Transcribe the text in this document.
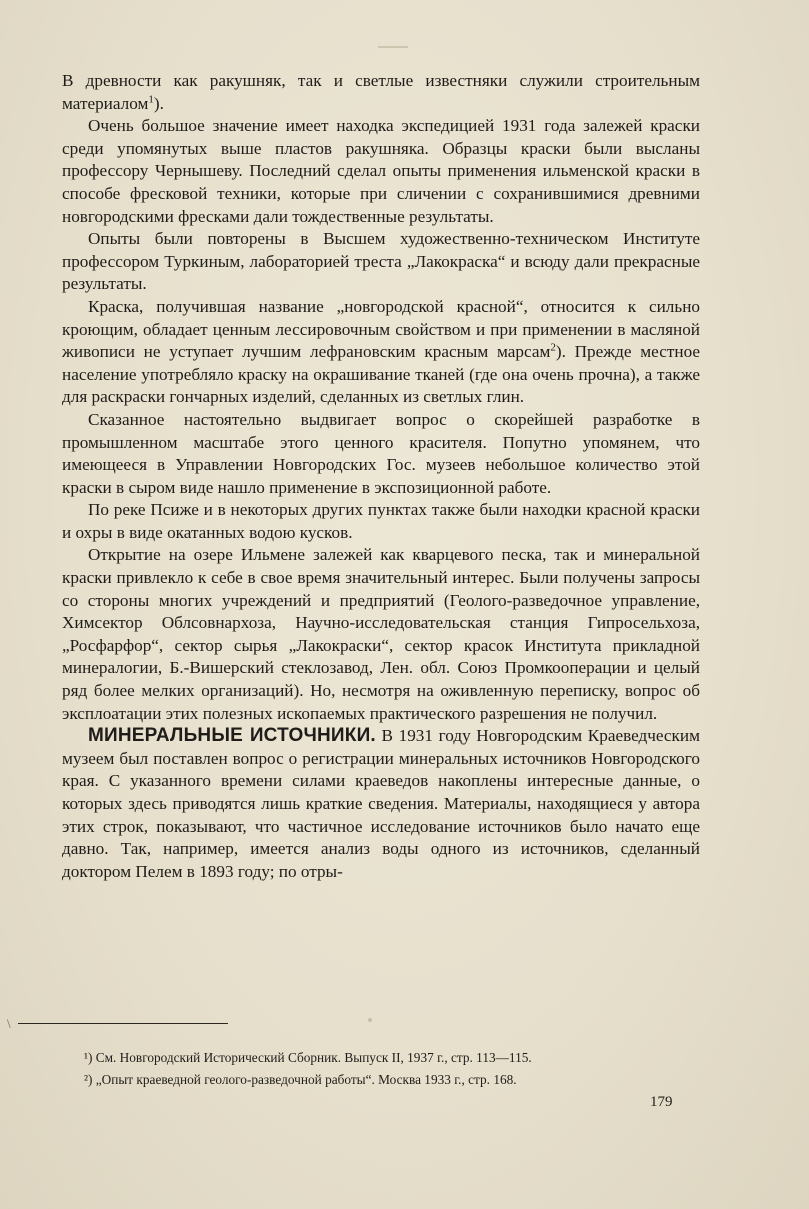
В древности как ракушняк, так и светлые известняки служили строительным материалом$^1$).

Очень большое значение имеет находка экспедицией 1931 года залежей краски среди упомянутых выше пластов ракушняка. Образцы краски были высланы профессору Чернышеву. Последний сделал опыты применения ильменской краски в способе фресковой техники, которые при сличении с сохранившимися древними новгородскими фресками дали тождественные результаты.

Опыты были повторены в Высшем художественно-техническом Институте профессором Туркиным, лабораторией треста „Лакокраска“ и всюду дали прекрасные результаты.

Краска, получившая название „новгородской красной“, относится к сильно кроющим, обладает ценным лессировочным свойством и при применении в масляной живописи не уступает лучшим лефрановским красным марсам$^2$). Прежде местное население употребляло краску на окрашивание тканей (где она очень прочна), а также для раскраски гончарных изделий, сделанных из светлых глин.

Сказанное настоятельно выдвигает вопрос о скорейшей разработке в промышленном масштабе этого ценного красителя. Попутно упомянем, что имеющееся в Управлении Новгородских Гос. музеев небольшое количество этой краски в сыром виде нашло применение в экспозиционной работе.

По реке Псиже и в некоторых других пунктах также были находки красной краски и охры в виде окатанных водою кусков.

Открытие на озере Ильмене залежей как кварцевого песка, так и минеральной краски привлекло к себе в свое время значительный интерес. Были получены запросы со стороны многих учреждений и предприятий (Геолого-разведочное управление, Химсектор Облсовнархоза, Научно-исследовательская станция Гипросельхоза, „Росфарфор“, сектор сырья „Лакокраски“, сектор красок Института прикладной минералогии, Б.-Вишерский стеклозавод, Лен. обл. Союз Промкооперации и целый ряд более мелких организаций). Но, несмотря на оживленную переписку, вопрос об эксплоатации этих полезных ископаемых практического разрешения не получил.

МИНЕРАЛЬНЫЕ ИСТОЧНИКИ. В 1931 году Новгородским Краеведческим музеем был поставлен вопрос о регистрации минеральных источников Новгородского края. С указанного времени силами краеведов накоплены интересные данные, о которых здесь приводятся лишь краткие сведения. Материалы, находящиеся у автора этих строк, показывают, что частичное исследование источников было начато еще давно. Так, например, имеется анализ воды одного из источников, сделанный доктором Пелем в 1893 году; по отры-

\
¹) См. Новгородский Исторический Сборник. Выпуск II, 1937 г., стр. 113—115.
²) „Опыт краеведной геолого-разведочной работы“. Москва 1933 г., стр. 168.
179
